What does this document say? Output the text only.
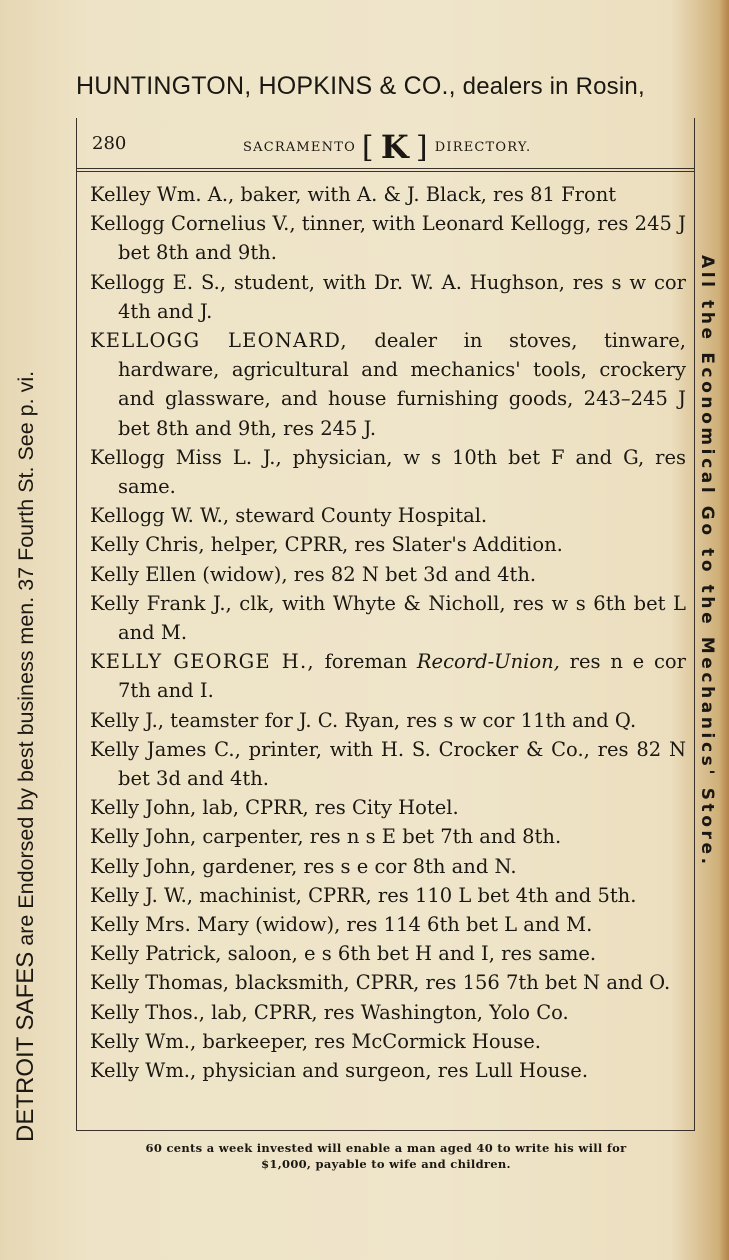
HUNTINGTON, HOPKINS & CO., dealers in Rosin,
280	SACRAMENTO [ K ] DIRECTORY.
Kelley Wm. A., baker, with A. & J. Black, res 81 Front
Kellogg Cornelius V., tinner, with Leonard Kellogg, res 245 J bet 8th and 9th.
Kellogg E. S., student, with Dr. W. A. Hughson, res s w cor 4th and J.
KELLOGG LEONARD, dealer in stoves, tinware, hardware, agricultural and mechanics' tools, crockery and glassware, and house furnishing goods, 243–245 J bet 8th and 9th, res 245 J.
Kellogg Miss L. J., physician, w s 10th bet F and G, res same.
Kellogg W. W., steward County Hospital.
Kelly Chris, helper, CPRR, res Slater's Addition.
Kelly Ellen (widow), res 82 N bet 3d and 4th.
Kelly Frank J., clk, with Whyte & Nicholl, res w s 6th bet L and M.
KELLY GEORGE H., foreman Record-Union, res n e cor 7th and I.
Kelly J., teamster for J. C. Ryan, res s w cor 11th and Q.
Kelly James C., printer, with H. S. Crocker & Co., res 82 N bet 3d and 4th.
Kelly John, lab, CPRR, res City Hotel.
Kelly John, carpenter, res n s E bet 7th and 8th.
Kelly John, gardener, res s e cor 8th and N.
Kelly J. W., machinist, CPRR, res 110 L bet 4th and 5th.
Kelly Mrs. Mary (widow), res 114 6th bet L and M.
Kelly Patrick, saloon, e s 6th bet H and I, res same.
Kelly Thomas, blacksmith, CPRR, res 156 7th bet N and O.
Kelly Thos., lab, CPRR, res Washington, Yolo Co.
Kelly Wm., barkeeper, res McCormick House.
Kelly Wm., physician and surgeon, res Lull House.
DETROIT SAFES are Endorsed by best business men. 37 Fourth St. See p. vi.	All the Economical Go to the Mechanics' Store.
60 cents a week invested will enable a man aged 40 to write his will for
$1,000, payable to wife and children.
